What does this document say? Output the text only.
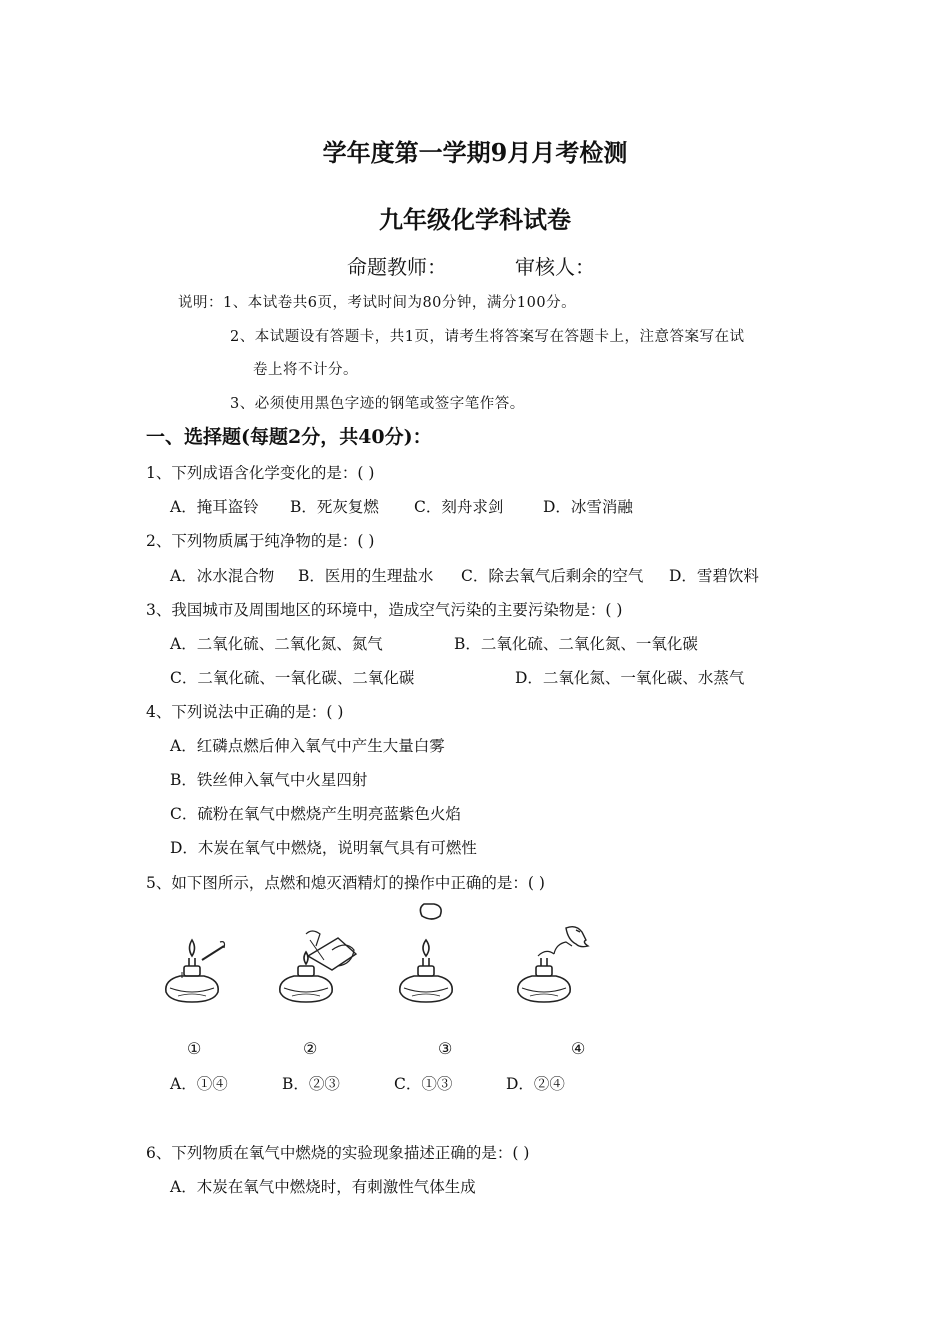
学年度第一学期9月月考检测
九年级化学科试卷
命题教师：	审核人：
说明：1、本试卷共6页，考试时间为80分钟，满分100分。
2、本试题设有答题卡，共1页，请考生将答案写在答题卡上，注意答案写在试
卷上将不计分。
3、必须使用黑色字迹的钢笔或签字笔作答。
一、选择题(每题2分，共40分)：
1、下列成语含化学变化的是：( )
A．掩耳盗铃 B．死灰复燃 C．刻舟求剑	D．冰雪消融
2、下列物质属于纯净物的是：( )
A．冰水混合物 B．医用的生理盐水 C．除去氧气后剩余的空气 D．雪碧饮料
3、我国城市及周围地区的环境中，造成空气污染的主要污染物是：( )
A．二氧化硫、二氧化氮、氮气	B．二氧化硫、二氧化氮、一氧化碳
C．二氧化硫、一氧化碳、二氧化碳	D．二氧化氮、一氧化碳、水蒸气
4、下列说法中正确的是：( )
A．红磷点燃后伸入氧气中产生大量白雾
B．铁丝伸入氧气中火星四射
C．硫粉在氧气中燃烧产生明亮蓝紫色火焰
D．木炭在氧气中燃烧，说明氧气具有可燃性
5、如下图所示，点燃和熄灭酒精灯的操作中正确的是：( )
①	②	③	④
A．①④	B．②③	C．①③	D．②④
6、下列物质在氧气中燃烧的实验现象描述正确的是：( )
A．木炭在氧气中燃烧时，有刺激性气体生成
